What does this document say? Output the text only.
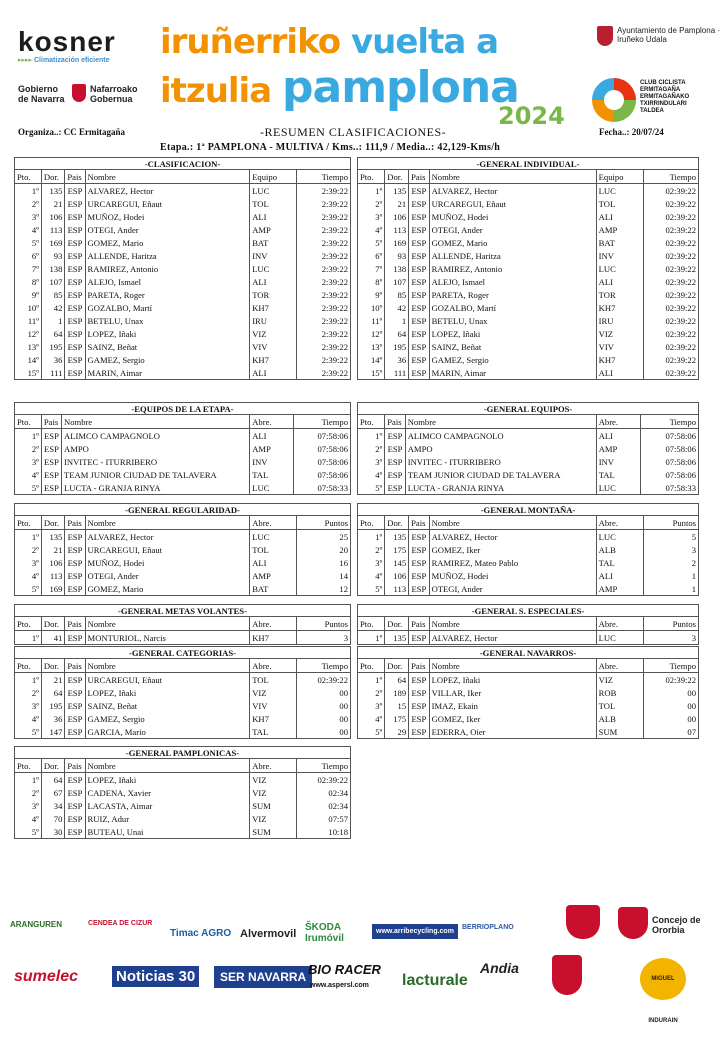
kosner
▸▸▸▸ Climatización eficiente
Gobierno de Navarra
Nafarroako Gobernua
iruñerriko vuelta a
itzulia pamplona
2024
Ayuntamiento de Pamplona · Iruñeko Udala
CLUB CICLISTA ERMITAGAÑA ERMITAGAÑAKO TXIRRINDULARI TALDEA
Organiza..: CC Ermitagaña	-RESUMEN CLASIFICACIONES-	Fecha..: 20/07/24
Etapa.: 1ª PAMPLONA - MULTIVA / Kms..: 111,9 / Media..: 42,129-Kms/h
-CLASIFICACION-					
Pto.	Dor.	Pais	Nombre	Equipo	Tiempo
1º	135	ESP	ALVAREZ, Hector	LUC	2:39:22
2º	21	ESP	URCAREGUI, Eñaut	TOL	2:39:22
3º	106	ESP	MUÑOZ, Hodei	ALI	2:39:22
4º	113	ESP	OTEGI, Ander	AMP	2:39:22
5º	169	ESP	GOMEZ, Mario	BAT	2:39:22
6º	93	ESP	ALLENDE, Haritza	INV	2:39:22
7º	138	ESP	RAMIREZ, Antonio	LUC	2:39:22
8º	107	ESP	ALEJO, Ismael	ALI	2:39:22
9º	85	ESP	PARETA, Roger	TOR	2:39:22
10º	42	ESP	GOZALBO, Martí	KH7	2:39:22
11º	1	ESP	BETELU, Unax	IRU	2:39:22
12º	64	ESP	LOPEZ, Iñaki	VIZ	2:39:22
13º	195	ESP	SAINZ, Beñat	VIV	2:39:22
14º	36	ESP	GAMEZ, Sergio	KH7	2:39:22
15º	111	ESP	MARIN, Aimar	ALI	2:39:22
-GENERAL INDIVIDUAL-					
Pto.	Dor.	Pais	Nombre	Equipo	Tiempo
1º	135	ESP	ALVAREZ, Hector	LUC	02:39:22
2º	21	ESP	URCAREGUI, Eñaut	TOL	02:39:22
3º	106	ESP	MUÑOZ, Hodei	ALI	02:39:22
4º	113	ESP	OTEGI, Ander	AMP	02:39:22
5º	169	ESP	GOMEZ, Mario	BAT	02:39:22
6º	93	ESP	ALLENDE, Haritza	INV	02:39:22
7º	138	ESP	RAMIREZ, Antonio	LUC	02:39:22
8º	107	ESP	ALEJO, Ismael	ALI	02:39:22
9º	85	ESP	PARETA, Roger	TOR	02:39:22
10º	42	ESP	GOZALBO, Martí	KH7	02:39:22
11º	1	ESP	BETELU, Unax	IRU	02:39:22
12º	64	ESP	LOPEZ, Iñaki	VIZ	02:39:22
13º	195	ESP	SAINZ, Beñat	VIV	02:39:22
14º	36	ESP	GAMEZ, Sergio	KH7	02:39:22
15º	111	ESP	MARIN, Aimar	ALI	02:39:22
-EQUIPOS DE LA ETAPA-				
Pto.	Pais	Nombre	Abre.	Tiempo
1º	ESP	ALIMCO CAMPAGNOLO	ALI	07:58:06
2º	ESP	AMPO	AMP	07:58:06
3º	ESP	INVITEC - ITURRIBERO	INV	07:58:06
4º	ESP	TEAM JUNIOR CIUDAD DE TALAVERA	TAL	07:58:06
5º	ESP	LUCTA - GRANJA RINYA	LUC	07:58:33
-GENERAL EQUIPOS-				
Pto.	Pais	Nombre	Abre.	Tiempo
1º	ESP	ALIMCO CAMPAGNOLO	ALI	07:58:06
2º	ESP	AMPO	AMP	07:58:06
3º	ESP	INVITEC - ITURRIBERO	INV	07:58:06
4º	ESP	TEAM JUNIOR CIUDAD DE TALAVERA	TAL	07:58:06
5º	ESP	LUCTA - GRANJA RINYA	LUC	07:58:33
-GENERAL REGULARIDAD-					
Pto.	Dor.	Pais	Nombre	Abre.	Puntos
1º	135	ESP	ALVAREZ, Hector	LUC	25
2º	21	ESP	URCAREGUI, Eñaut	TOL	20
3º	106	ESP	MUÑOZ, Hodei	ALI	16
4º	113	ESP	OTEGI, Ander	AMP	14
5º	169	ESP	GOMEZ, Mario	BAT	12
-GENERAL MONTAÑA-					
Pto.	Dor.	Pais	Nombre	Abre.	Puntos
1º	135	ESP	ALVAREZ, Hector	LUC	5
2º	175	ESP	GOMEZ, Iker	ALB	3
3º	145	ESP	RAMIREZ, Mateo Pablo	TAL	2
4º	106	ESP	MUÑOZ, Hodei	ALI	1
5º	113	ESP	OTEGI, Ander	AMP	1
-GENERAL METAS VOLANTES-					
Pto.	Dor.	Pais	Nombre	Abre.	Puntos
1º	41	ESP	MONTURIOL, Narcis	KH7	3
-GENERAL S. ESPECIALES-					
Pto.	Dor.	Pais	Nombre	Abre.	Puntos
1º	135	ESP	ALVAREZ, Hector	LUC	3
-GENERAL CATEGORIAS-					
Pto.	Dor.	Pais	Nombre	Abre.	Tiempo
1º	21	ESP	URCAREGUI, Eñaut	TOL	02:39:22
2º	64	ESP	LOPEZ, Iñaki	VIZ	00
3º	195	ESP	SAINZ, Beñat	VIV	00
4º	36	ESP	GAMEZ, Sergio	KH7	00
5º	147	ESP	GARCIA, Mario	TAL	00
-GENERAL NAVARROS-					
Pto.	Dor.	Pais	Nombre	Abre.	Tiempo
1º	64	ESP	LOPEZ, Iñaki	VIZ	02:39:22
2º	189	ESP	VILLAR, Iker	ROB	00
3º	15	ESP	IMAZ, Ekain	TOL	00
4º	175	ESP	GOMEZ, Iker	ALB	00
5º	29	ESP	EDERRA, Oier	SUM	07
-GENERAL PAMPLONICAS-					
Pto.	Dor.	Pais	Nombre	Abre.	Tiempo
1º	64	ESP	LOPEZ, Iñaki	VIZ	02:39:22
2º	67	ESP	CADENA, Xavier	VIZ	02:34
3º	34	ESP	LACASTA, Aimar	SUM	02:34
4º	70	ESP	RUIZ, Adur	VIZ	07:57
5º	30	ESP	BUTEAU, Unai	SUM	10:18
ARANGUREN	CENDEA DE CIZUR
Timac AGRO Alvermovil
ŠKODA Irumóvil
www.arribecycling.com
BERRIOPLANO
Concejo de Ororbia
sumelec	Noticias 30	SER NAVARRA BIO RACER
www.aspersl.com lacturale
Andia
MIGUEL INDURAIN
